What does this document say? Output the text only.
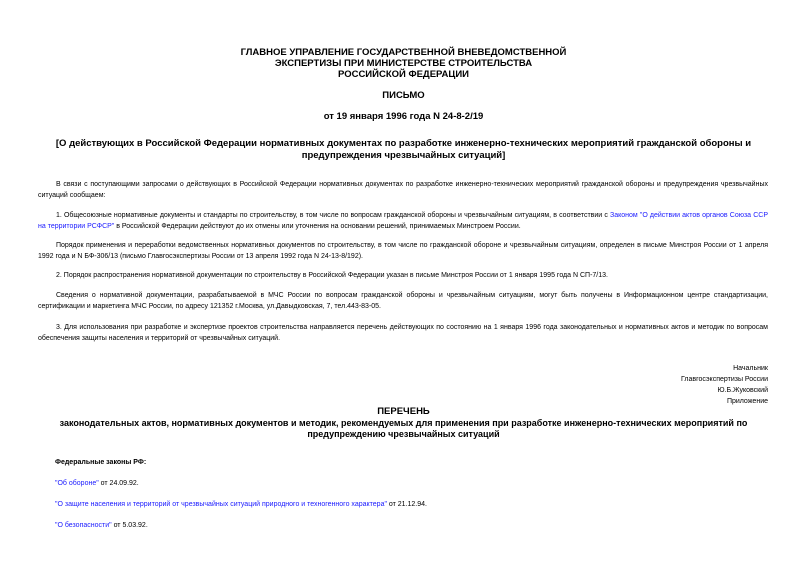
ГЛАВНОЕ УПРАВЛЕНИЕ ГОСУДАРСТВЕННОЙ ВНЕВЕДОМСТВЕННОЙ
ЭКСПЕРТИЗЫ ПРИ МИНИСТЕРСТВЕ СТРОИТЕЛЬСТВА
РОССИЙСКОЙ ФЕДЕРАЦИИ
ПИСЬМО
от 19 января 1996 года N 24-8-2/19
[О действующих в Российской Федерации нормативных документах по разработке инженерно-технических мероприятий гражданской обороны и предупреждения чрезвычайных ситуаций]
В связи с поступающими запросами о действующих в Российской Федерации нормативных документах по разработке инженерно-технических мероприятий гражданской обороны и предупреждения чрезвычайных ситуаций сообщаем:
1. Общесоюзные нормативные документы и стандарты по строительству, в том числе по вопросам гражданской обороны и чрезвычайным ситуациям, в соответствии с Законом "О действии актов органов Союза ССР на территории РСФСР" в Российской Федерации действуют до их отмены или уточнения на основании решений, принимаемых Минстроем России.
Порядок применения и переработки ведомственных нормативных документов по строительству, в том числе по гражданской обороне и чрезвычайным ситуациям, определен в письме Минстроя России от 1 апреля 1992 года и N БФ-306/13 (письмо Главгосэкспертизы России от 13 апреля 1992 года N 24-13-8/192).
2. Порядок распространения нормативной документации по строительству в Российской Федерации указан в письме Минстроя России от 1 января 1995 года N СП-7/13.
Сведения о нормативной документации, разрабатываемой в МЧС России по вопросам гражданской обороны и чрезвычайным ситуациям, могут быть получены в Информационном центре стандартизации, сертификации и маркетинга МЧС России, по адресу 121352 г.Москва, ул.Давыдковская, 7, тел.443-83-05.
3. Для использования при разработке и экспертизе проектов строительства направляется перечень действующих по состоянию на 1 января 1996 года законодательных и нормативных актов и методик по вопросам обеспечения защиты населения и территорий от чрезвычайных ситуаций.
Начальник
Главгосэкспертизы России
Ю.Б.Жуковский
Приложение
ПЕРЕЧЕНЬ
законодательных актов, нормативных документов и методик, рекомендуемых для применения при разработке инженерно-технических мероприятий по предупреждению чрезвычайных ситуаций
Федеральные законы РФ:
"Об обороне" от 24.09.92.
"О защите населения и территорий от чрезвычайных ситуаций природного и техногенного характера" от 21.12.94.
"О безопасности" от 5.03.92.
